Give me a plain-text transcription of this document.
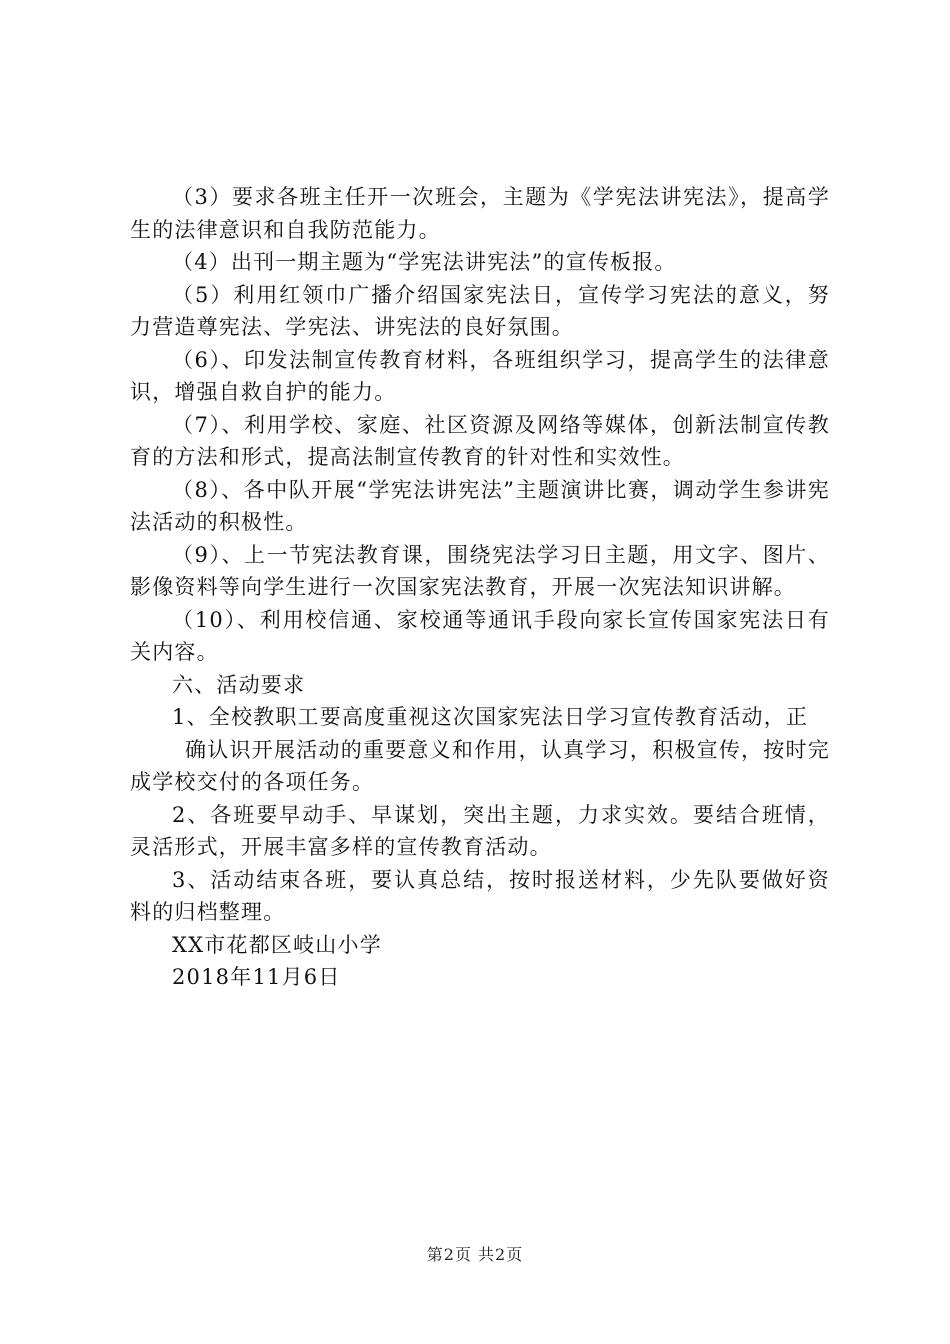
（3）要求各班主任开一次班会，主题为《学宪法讲宪法》，提高学生的法律意识和自我防范能力。

（4）出刊一期主题为“学宪法讲宪法”的宣传板报。

（5）利用红领巾广播介绍国家宪法日，宣传学习宪法的意义，努力营造尊宪法、学宪法、讲宪法的良好氛围。

（6）、印发法制宣传教育材料，各班组织学习，提高学生的法律意识，增强自救自护的能力。

（7）、利用学校、家庭、社区资源及网络等媒体，创新法制宣传教育的方法和形式，提高法制宣传教育的针对性和实效性。

（8）、各中队开展“学宪法讲宪法”主题演讲比赛，调动学生参讲宪法活动的积极性。

（9）、上一节宪法教育课，围绕宪法学习日主题，用文字、图片、影像资料等向学生进行一次国家宪法教育，开展一次宪法知识讲解。

（10）、利用校信通、家校通等通讯手段向家长宣传国家宪法日有关内容。

六、活动要求

1、全校教职工要高度重视这次国家宪法日学习宣传教育活动，正

确认识开展活动的重要意义和作用，认真学习，积极宣传，按时完成学校交付的各项任务。

2、各班要早动手、早谋划，突出主题，力求实效。要结合班情，灵活形式，开展丰富多样的宣传教育活动。

3、活动结束各班，要认真总结，按时报送材料，少先队要做好资料的归档整理。

XX市花都区岐山小学

2018年11月6日

第2页 共2页
